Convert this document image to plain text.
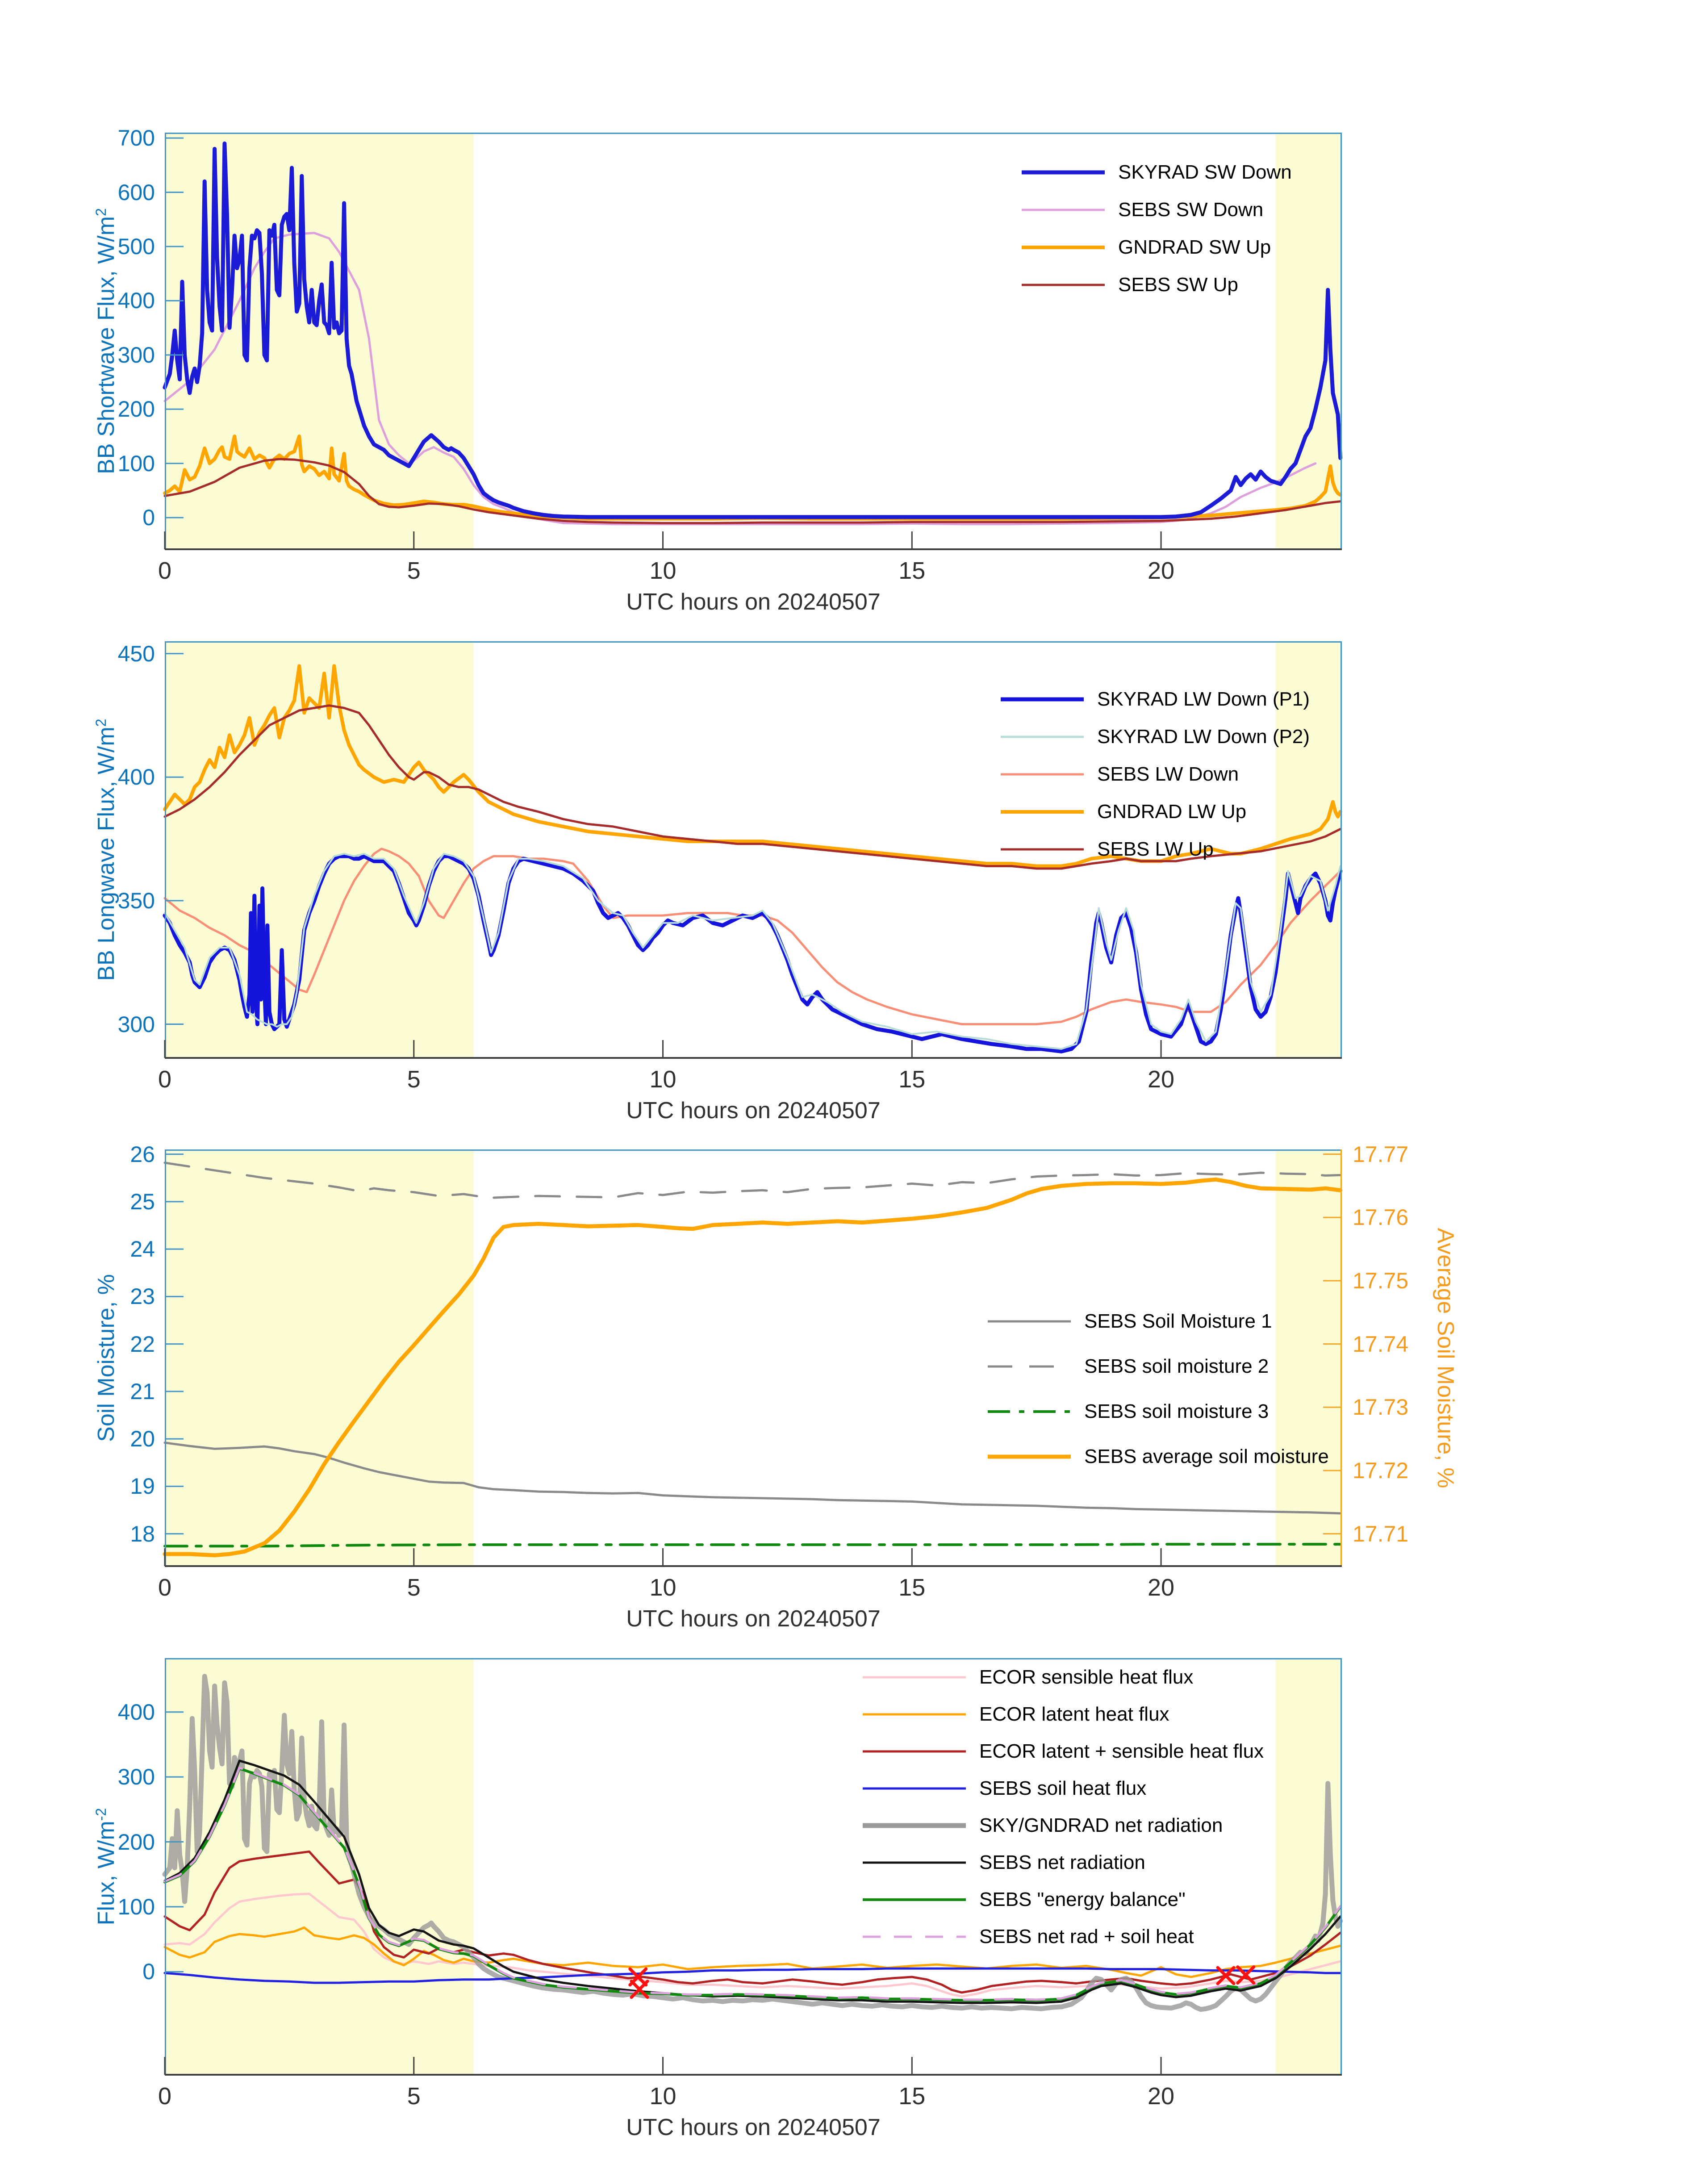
BB Shortwave Flux, $W/m^2$
UTC hours on 20240507
SKYRAD SW Down
SEBS SW Down
GNDRAD SW Up
SEBS SW Up
0	5	10	15	20
0
100
200
300
400
500
600
700
BB Longwave Flux, $W/m^2$
UTC hours on 20240507
SKYRAD LW Down (P1)
SKYRAD LW Down (P2)
SEBS LW Down
GNDRAD LW Up
SEBS LW Up
0	5	10	15	20
300
350
400
450
Soil Moisture, %	Average Soil Moisture, %
UTC hours on 20240507
SEBS Soil Moisture 1
SEBS soil moisture 2
SEBS soil moisture 3
SEBS average soil moisture
0	5	10	15	20
18
19
20
21
22
23
24
25
26
17.71
17.72
17.73
17.74
17.75
17.76
17.77
Flux, $W/m^{-2}$
UTC hours on 20240507
ECOR sensible heat flux
ECOR latent heat flux
ECOR latent + sensible heat flux
SEBS soil heat flux
SKY/GNDRAD net radiation
SEBS net radiation
SEBS "energy balance"
SEBS net rad + soil heat
0	5	10	15	20
0
100
200
300
400
